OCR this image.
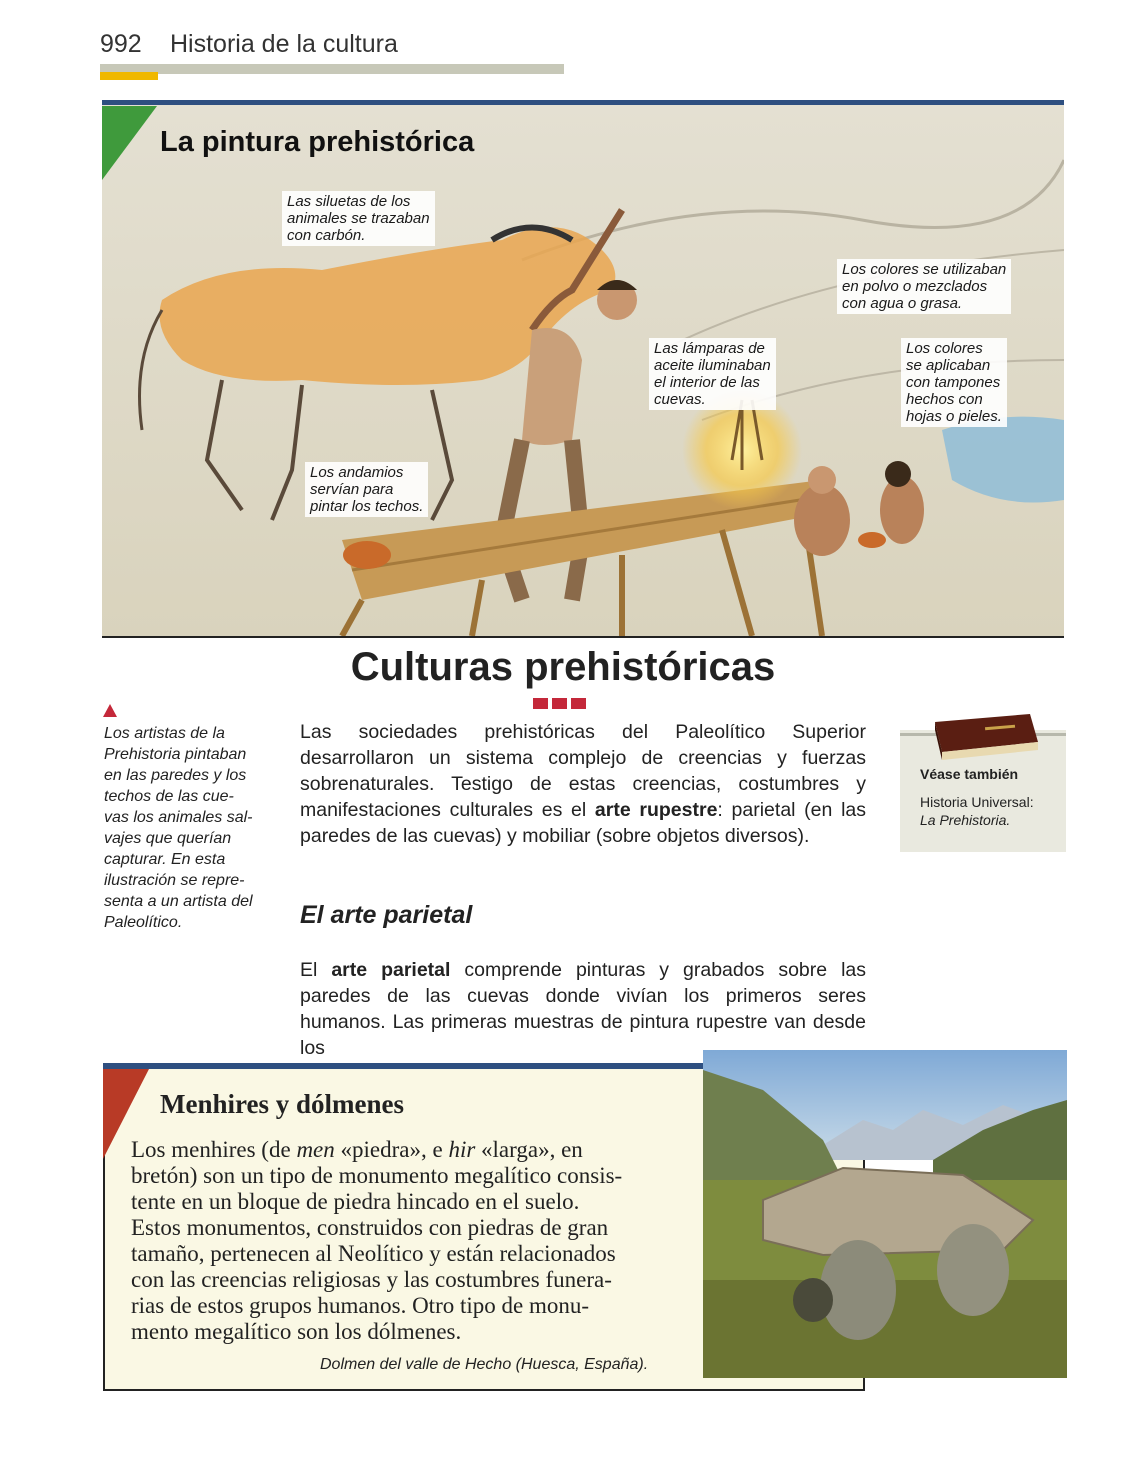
992 Historia de la cultura
La pintura prehistórica
Las siluetas de los
animales se trazaban
con carbón.
Los colores se utilizaban
en polvo o mezclados
con agua o grasa.
Las lámparas de
aceite iluminaban
el interior de las
cuevas.
Los colores
se aplicaban
con tampones
hechos con
hojas o pieles.
Los andamios
servían para
pintar los techos.
Culturas prehistóricas
Los artistas de la
Prehistoria pintaban
en las paredes y los
techos de las cue-
vas los animales sal-
vajes que querían
capturar. En esta
ilustración se repre-
senta a un artista del
Paleolítico.
Las sociedades prehistóricas del Paleolítico Superior desarrollaron un sistema complejo de creencias y fuerzas sobrenaturales. Testigo de estas creencias, costumbres y manifestaciones culturales es el arte rupestre: parietal (en las paredes de las cuevas) y mobiliar (sobre objetos diversos).
El arte parietal
El arte parietal comprende pinturas y grabados sobre las paredes de las cuevas donde vivían los primeros seres humanos. Las primeras muestras de pintura rupestre van desde los
Véase también
Historia Universal:
La Prehistoria.
Menhires y dólmenes
Los menhires (de men «piedra», e hir «larga», en
bretón) son un tipo de monumento megalítico consis-
tente en un bloque de piedra hincado en el suelo.
Estos monumentos, construidos con piedras de gran
tamaño, pertenecen al Neolítico y están relacionados
con las creencias religiosas y las costumbres funera-
rias de estos grupos humanos. Otro tipo de monu-
mento megalítico son los dólmenes.
Dolmen del valle de Hecho (Huesca, España).
